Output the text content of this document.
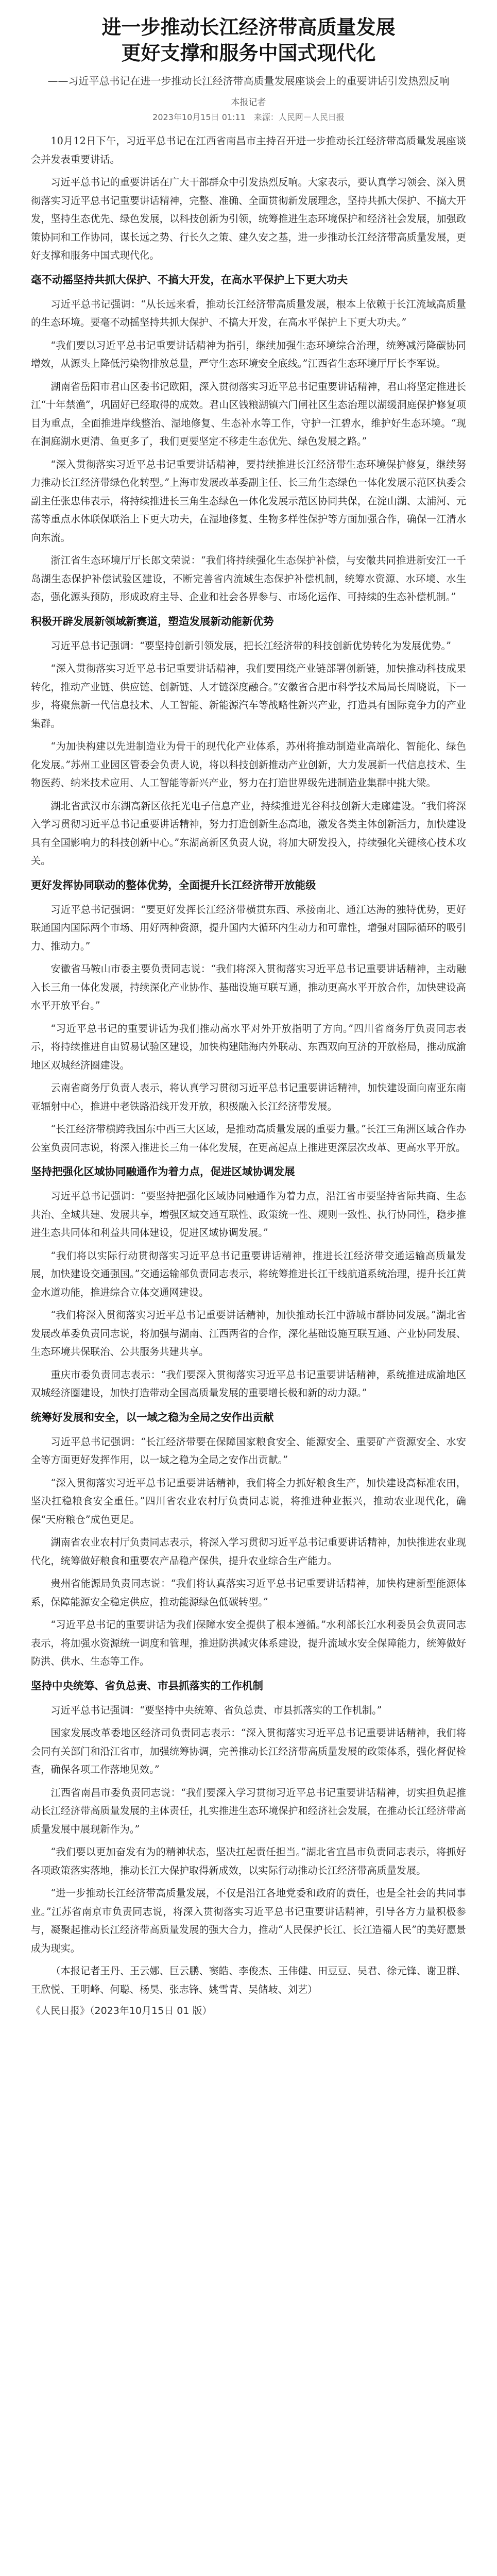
进一步推动长江经济带高质量发展
更好支撑和服务中国式现代化
——习近平总书记在进一步推动长江经济带高质量发展座谈会上的重要讲话引发热烈反响
本报记者
2023年10月15日 01:11　来源：人民网－人民日报

10月12日下午，习近平总书记在江西省南昌市主持召开进一步推动长江经济带高质量发展座谈会并发表重要讲话。

习近平总书记的重要讲话在广大干部群众中引发热烈反响。大家表示，要认真学习领会、深入贯彻落实习近平总书记重要讲话精神，完整、准确、全面贯彻新发展理念，坚持共抓大保护、不搞大开发，坚持生态优先、绿色发展，以科技创新为引领，统筹推进生态环境保护和经济社会发展，加强政策协同和工作协同，谋长远之势、行长久之策、建久安之基，进一步推动长江经济带高质量发展，更好支撑和服务中国式现代化。

毫不动摇坚持共抓大保护、不搞大开发，在高水平保护上下更大功夫

习近平总书记强调：“从长远来看，推动长江经济带高质量发展，根本上依赖于长江流域高质量的生态环境。要毫不动摇坚持共抓大保护、不搞大开发，在高水平保护上下更大功夫。”

“我们要以习近平总书记重要讲话精神为指引，继续加强生态环境综合治理，统筹减污降碳协同增效，从源头上降低污染物排放总量，严守生态环境安全底线。”江西省生态环境厅厅长李军说。

湖南省岳阳市君山区委书记欧阳，深入贯彻落实习近平总书记重要讲话精神，君山将坚定推进长江“十年禁渔”，巩固好已经取得的成效。君山区钱粮湖镇六门闸社区生态治理以湖缓洞庭保护修复项目为重点，全面推进岸线整治、湿地修复、生态补水等工作，守护一江碧水，维护好生态环境。“现在洞庭湖水更清、鱼更多了，我们更要坚定不移走生态优先、绿色发展之路。”

“深入贯彻落实习近平总书记重要讲话精神，要持续推进长江经济带生态环境保护修复，继续努力推动长江经济带绿色化转型。”上海市发展改革委副主任、长三角生态绿色一体化发展示范区执委会副主任张忠伟表示，将持续推进长三角生态绿色一体化发展示范区协同共保，在淀山湖、太浦河、元荡等重点水体联保联治上下更大功夫，在湿地修复、生物多样性保护等方面加强合作，确保一江清水向东流。

浙江省生态环境厅厅长郎文荣说：“我们将持续强化生态保护补偿，与安徽共同推进新安江一千岛湖生态保护补偿试验区建设，不断完善省内流域生态保护补偿机制，统筹水资源、水环境、水生态，强化源头预防，形成政府主导、企业和社会各界参与、市场化运作、可持续的生态补偿机制。”

积极开辟发展新领域新赛道，塑造发展新动能新优势

习近平总书记强调：“要坚持创新引领发展，把长江经济带的科技创新优势转化为发展优势。”

“深入贯彻落实习近平总书记重要讲话精神，我们要围绕产业链部署创新链，加快推动科技成果转化，推动产业链、供应链、创新链、人才链深度融合。”安徽省合肥市科学技术局局长周晓说，下一步，将聚焦新一代信息技术、人工智能、新能源汽车等战略性新兴产业，打造具有国际竞争力的产业集群。

“为加快构建以先进制造业为骨干的现代化产业体系，苏州将推动制造业高端化、智能化、绿色化发展。”苏州工业园区管委会负责人说，将以科技创新推动产业创新，大力发展新一代信息技术、生物医药、纳米技术应用、人工智能等新兴产业，努力在打造世界级先进制造业集群中挑大梁。

湖北省武汉市东湖高新区依托光电子信息产业，持续推进光谷科技创新大走廊建设。“我们将深入学习贯彻习近平总书记重要讲话精神，努力打造创新生态高地，激发各类主体创新活力，加快建设具有全国影响力的科技创新中心。”东湖高新区负责人说，将加大研发投入，持续强化关键核心技术攻关。

更好发挥协同联动的整体优势，全面提升长江经济带开放能级

习近平总书记强调：“要更好发挥长江经济带横贯东西、承接南北、通江达海的独特优势，更好联通国内国际两个市场、用好两种资源，提升国内大循环内生动力和可靠性，增强对国际循环的吸引力、推动力。”

安徽省马鞍山市委主要负责同志说：“我们将深入贯彻落实习近平总书记重要讲话精神，主动融入长三角一体化发展，持续深化产业协作、基础设施互联互通，推动更高水平开放合作，加快建设高水平开放平台。”

“习近平总书记的重要讲话为我们推动高水平对外开放指明了方向。”四川省商务厅负责同志表示，将持续推进自由贸易试验区建设，加快构建陆海内外联动、东西双向互济的开放格局，推动成渝地区双城经济圈建设。

云南省商务厅负责人表示，将认真学习贯彻习近平总书记重要讲话精神，加快建设面向南亚东南亚辐射中心，推进中老铁路沿线开发开放，积极融入长江经济带发展。

“长江经济带横跨我国东中西三大区域，是推动高质量发展的重要力量。”长江三角洲区域合作办公室负责同志说，将深入推进长三角一体化发展，在更高起点上推进更深层次改革、更高水平开放。

坚持把强化区域协同融通作为着力点，促进区域协调发展

习近平总书记强调：“要坚持把强化区域协同融通作为着力点，沿江省市要坚持省际共商、生态共治、全域共建、发展共享，增强区域交通互联性、政策统一性、规则一致性、执行协同性，稳步推进生态共同体和利益共同体建设，促进区域协调发展。”

“我们将以实际行动贯彻落实习近平总书记重要讲话精神，推进长江经济带交通运输高质量发展，加快建设交通强国。”交通运输部负责同志表示，将统筹推进长江干线航道系统治理，提升长江黄金水道功能，推进综合立体交通网建设。

“我们将深入贯彻落实习近平总书记重要讲话精神，加快推动长江中游城市群协同发展。”湖北省发展改革委负责同志说，将加强与湖南、江西两省的合作，深化基础设施互联互通、产业协同发展、生态环境共保联治、公共服务共建共享。

重庆市委负责同志表示：“我们要深入贯彻落实习近平总书记重要讲话精神，系统推进成渝地区双城经济圈建设，加快打造带动全国高质量发展的重要增长极和新的动力源。”

统筹好发展和安全，以一域之稳为全局之安作出贡献

习近平总书记强调：“长江经济带要在保障国家粮食安全、能源安全、重要矿产资源安全、水安全等方面更好发挥作用，以一域之稳为全局之安作出贡献。”

“深入贯彻落实习近平总书记重要讲话精神，我们将全力抓好粮食生产，加快建设高标准农田，坚决扛稳粮食安全重任。”四川省农业农村厅负责同志说，将推进种业振兴，推动农业现代化，确保“天府粮仓”成色更足。

湖南省农业农村厅负责同志表示，将深入学习贯彻习近平总书记重要讲话精神，加快推进农业现代化，统筹做好粮食和重要农产品稳产保供，提升农业综合生产能力。

贵州省能源局负责同志说：“我们将认真落实习近平总书记重要讲话精神，加快构建新型能源体系，保障能源安全稳定供应，推动能源绿色低碳转型。”

“习近平总书记的重要讲话为我们保障水安全提供了根本遵循。”水利部长江水利委员会负责同志表示，将加强水资源统一调度和管理，推进防洪减灾体系建设，提升流域水安全保障能力，统筹做好防洪、供水、生态等工作。

坚持中央统筹、省负总责、市县抓落实的工作机制

习近平总书记强调：“要坚持中央统筹、省负总责、市县抓落实的工作机制。”

国家发展改革委地区经济司负责同志表示：“深入贯彻落实习近平总书记重要讲话精神，我们将会同有关部门和沿江省市，加强统筹协调，完善推动长江经济带高质量发展的政策体系，强化督促检查，确保各项工作落地见效。”

江西省南昌市委负责同志说：“我们要深入学习贯彻习近平总书记重要讲话精神，切实担负起推动长江经济带高质量发展的主体责任，扎实推进生态环境保护和经济社会发展，在推动长江经济带高质量发展中展现新作为。”

“我们要以更加奋发有为的精神状态，坚决扛起责任担当。”湖北省宜昌市负责同志表示，将抓好各项政策落实落地，推动长江大保护取得新成效，以实际行动推动长江经济带高质量发展。

“进一步推动长江经济带高质量发展，不仅是沿江各地党委和政府的责任，也是全社会的共同事业。”江苏省南京市负责同志说，将深入贯彻落实习近平总书记重要讲话精神，引导各方力量积极参与，凝聚起推动长江经济带高质量发展的强大合力，推动“人民保护长江、长江造福人民”的美好愿景成为现实。

（本报记者王丹、王云娜、巨云鹏、窦皓、李俊杰、王伟健、田豆豆、吴君、徐元锋、谢卫群、王欣悦、王明峰、何聪、杨昊、张志锋、姚雪青、吴储岐、刘艺）

《人民日报》（2023年10月15日 01 版）
